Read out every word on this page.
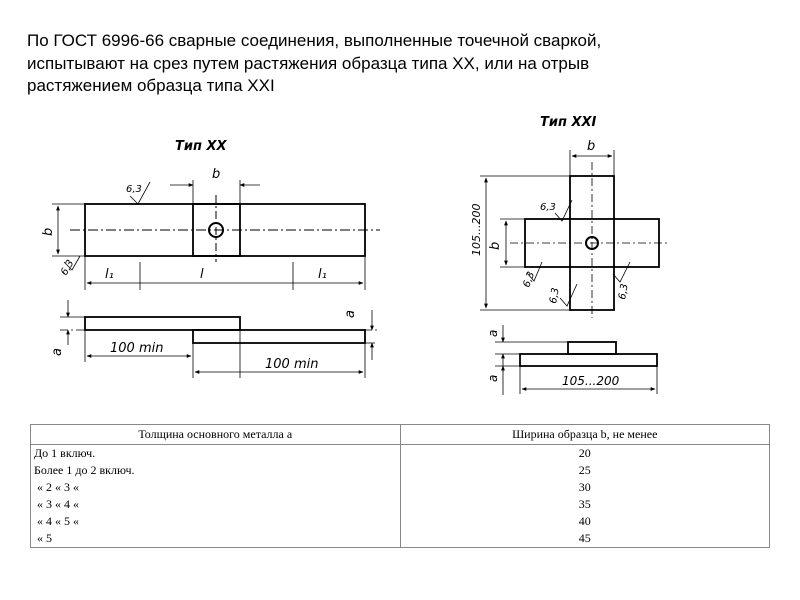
По ГОСТ 6996-66 сварные соединения, выполненные точечной сваркой,
испытывают на срез путем растяжения образца типа XX, или на отрыв
растяжением образца типа XXI

Тип XX
b
b
6,3
6,3 l₁	l	l₁
a
a
100 min
100 min
Тип XXI
b
b
105...200	6,3
6,3
6,3	6,3
a
a	105...200
Толщина основного металла a	Ширина образца b, не менее
До 1 включ.	20
Более 1 до 2 включ.	25
« 2 « 3 «	30
« 3 « 4 «	35
« 4 « 5 «	40
« 5	45
